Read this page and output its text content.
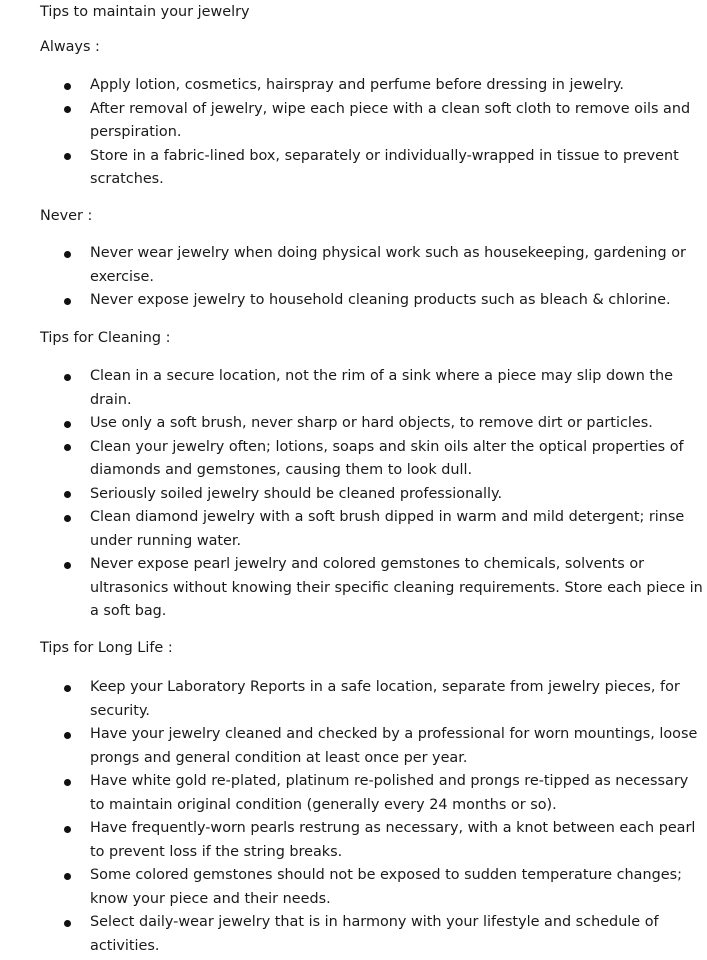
Tips to maintain your jewelry
Always :
Apply lotion, cosmetics, hairspray and perfume before dressing in jewelry.
After removal of jewelry, wipe each piece with a clean soft cloth to remove oils and
perspiration.
Store in a fabric-lined box, separately or individually-wrapped in tissue to prevent
scratches.
Never :
Never wear jewelry when doing physical work such as housekeeping, gardening or
exercise.
Never expose jewelry to household cleaning products such as bleach & chlorine.
Tips for Cleaning :
Clean in a secure location, not the rim of a sink where a piece may slip down the
drain.
Use only a soft brush, never sharp or hard objects, to remove dirt or particles.
Clean your jewelry often; lotions, soaps and skin oils alter the optical properties of
diamonds and gemstones, causing them to look dull.
Seriously soiled jewelry should be cleaned professionally.
Clean diamond jewelry with a soft brush dipped in warm and mild detergent; rinse
under running water.
Never expose pearl jewelry and colored gemstones to chemicals, solvents or
ultrasonics without knowing their specific cleaning requirements. Store each piece in
a soft bag.
Tips for Long Life :
Keep your Laboratory Reports in a safe location, separate from jewelry pieces, for
security.
Have your jewelry cleaned and checked by a professional for worn mountings, loose
prongs and general condition at least once per year.
Have white gold re-plated, platinum re-polished and prongs re-tipped as necessary
to maintain original condition (generally every 24 months or so).
Have frequently-worn pearls restrung as necessary, with a knot between each pearl
to prevent loss if the string breaks.
Some colored gemstones should not be exposed to sudden temperature changes;
know your piece and their needs.
Select daily-wear jewelry that is in harmony with your lifestyle and schedule of
activities.
